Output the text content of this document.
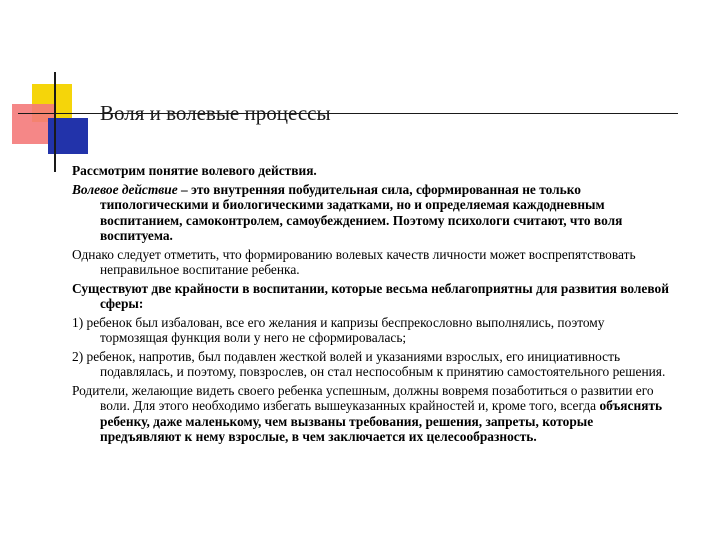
Воля и волевые процессы

Рассмотрим понятие волевого действия.

Волевое действие – это внутренняя побудительная сила, сформированная не только типологическими и биологическими задатками, но и определяемая каждодневным воспитанием, самоконтролем, самоубеждением. Поэтому психологи считают, что воля воспитуема.

Однако следует отметить, что формированию волевых качеств личности может воспрепятствовать неправильное воспитание ребенка.

Существуют две крайности в воспитании, которые весьма неблагоприятны для развития волевой сферы:

1) ребенок был избалован, все его желания и капризы беспрекословно выполнялись, поэтому тормозящая функция воли у него не сформировалась;

2) ребенок, напротив, был подавлен жесткой волей и указаниями взрослых, его инициативность подавлялась, и поэтому, повзрослев, он стал неспособным к принятию самостоятельного решения.

Родители, желающие видеть своего ребенка успешным, должны вовремя позаботиться о развитии его воли. Для этого необходимо избегать вышеуказанных крайностей и, кроме того, всегда объяснять ребенку, даже маленькому, чем вызваны требования, решения, запреты, которые предъявляют к нему взрослые, в чем заключается их целесообразность.
